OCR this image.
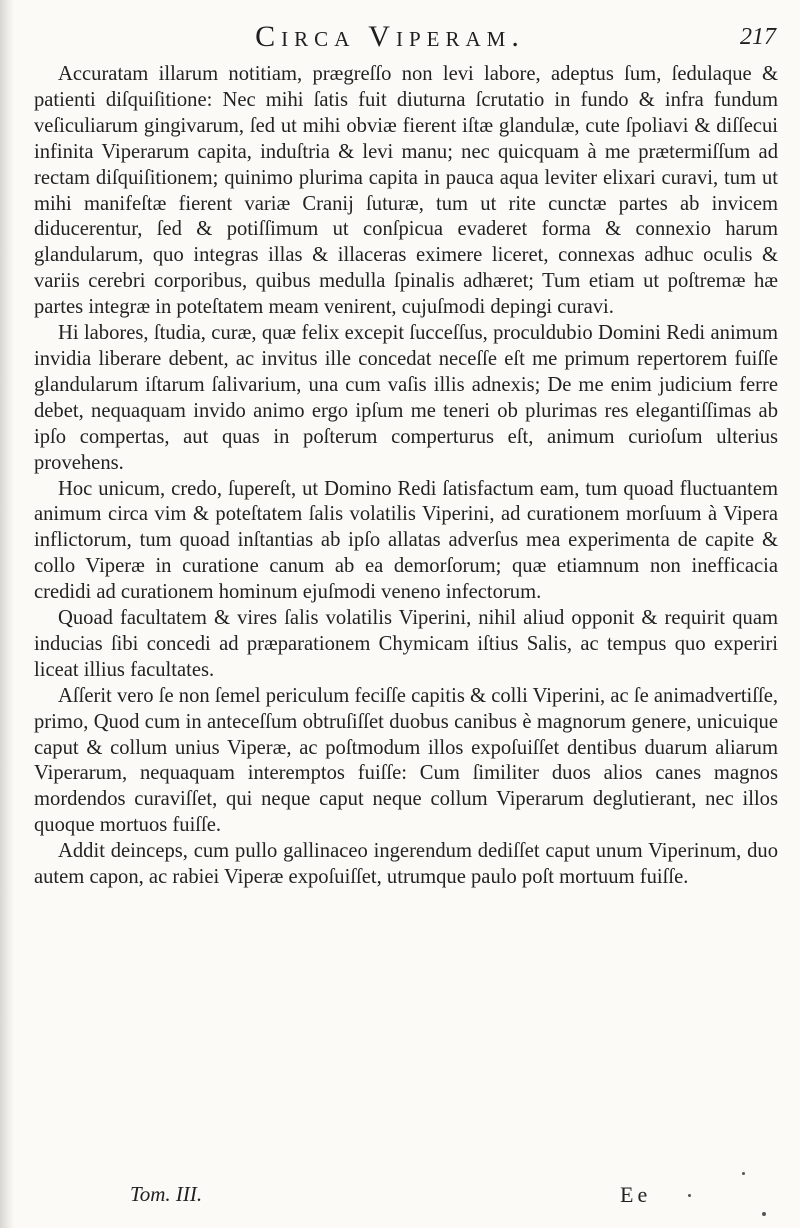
Circa Viperam.	217

Accuratam illarum notitiam, prægreſſo non levi labore, adeptus ſum, ſedulaque & patienti diſquiſitione: Nec mihi ſatis fuit diuturna ſcrutatio in fundo & infra fundum veſiculiarum gingivarum, ſed ut mihi obviæ fierent iſtæ glandulæ, cute ſpoliavi & diſſecui infinita Viperarum capita, induſtria & levi manu; nec quicquam à me prætermiſſum ad rectam diſquiſitionem; quinimo plurima capita in pauca aqua leviter elixari curavi, tum ut mihi manifeſtæ fierent variæ Cranij ſuturæ, tum ut rite cunctæ partes ab invicem diducerentur, ſed & potiſſimum ut conſpicua evaderet forma & connexio harum glandularum, quo integras illas & illaceras eximere liceret, connexas adhuc oculis & variis cerebri corporibus, quibus medulla ſpinalis adhæret; Tum etiam ut poſtremæ hæ partes integræ in poteſtatem meam venirent, cujuſmodi depingi curavi.

Hi labores, ſtudia, curæ, quæ felix excepit ſucceſſus, proculdubio Domini Redi animum invidia liberare debent, ac invitus ille concedat neceſſe eſt me primum repertorem fuiſſe glandularum iſtarum ſalivarium, una cum vaſis illis adnexis; De me enim judicium ferre debet, nequaquam invido animo ergo ipſum me teneri ob plurimas res elegantiſſimas ab ipſo compertas, aut quas in poſterum comperturus eſt, animum curioſum ulterius provehens.

Hoc unicum, credo, ſupereſt, ut Domino Redi ſatisfactum eam, tum quoad fluctuantem animum circa vim & poteſtatem ſalis volatilis Viperini, ad curationem morſuum à Vipera inflictorum, tum quoad inſtantias ab ipſo allatas adverſus mea experimenta de capite & collo Viperæ in curatione canum ab ea demorſorum; quæ etiamnum non inefficacia credidi ad curationem hominum ejuſmodi veneno infectorum.

Quoad facultatem & vires ſalis volatilis Viperini, nihil aliud opponit & requirit quam inducias ſibi concedi ad præparationem Chymicam iſtius Salis, ac tempus quo experiri liceat illius facultates.

Aſſerit vero ſe non ſemel periculum feciſſe capitis & colli Viperini, ac ſe animadvertiſſe, primo, Quod cum in anteceſſum obtruſiſſet duobus canibus è magnorum genere, unicuique caput & collum unius Viperæ, ac poſtmodum illos expoſuiſſet dentibus duarum aliarum Viperarum, nequaquam interemptos fuiſſe: Cum ſimiliter duos alios canes magnos mordendos curaviſſet, qui neque caput neque collum Viperarum deglutierant, nec illos quoque mortuos fuiſſe.

Addit deinceps, cum pullo gallinaceo ingerendum dediſſet caput unum Viperinum, duo autem capon, ac rabiei Viperæ expoſuiſſet, utrumque paulo poſt mortuum fuiſſe.

Tom. III.	Ee
